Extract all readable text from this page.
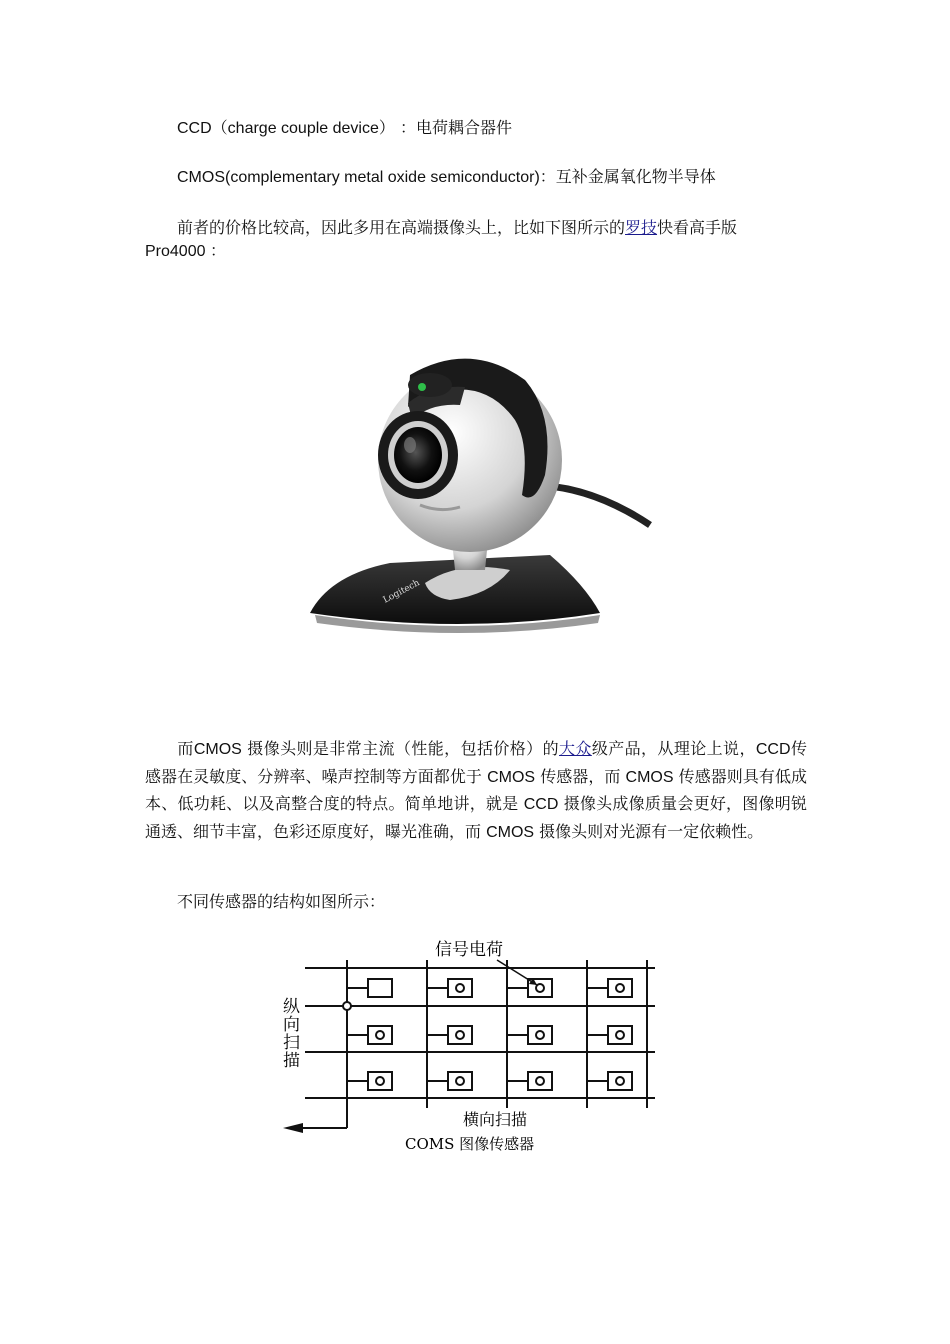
CCD（charge couple device） ：电荷耦合器件
CMOS(complementary metal oxide semiconductor)：互补金属氧化物半导体
前者的价格比较高，因此多用在高端摄像头上，比如下图所示的罗技快看高手版
Pro4000 ：
Logitech
而CMOS 摄像头则是非常主流（性能，包括价格）的大众级产品，从理论上说，CCD传感器在灵敏度、分辨率、噪声控制等方面都优于 CMOS 传感器，而 CMOS 传感器则具有低成本、低功耗、以及高整合度的特点。简单地讲，就是 CCD 摄像头成像质量会更好，图像明锐通透、细节丰富，色彩还原度好，曝光准确，而 CMOS 摄像头则对光源有一定依赖性。
不同传感器的结构如图所示：
信号电荷
纵
向
扫
描
横向扫描
COMS 图像传感器
